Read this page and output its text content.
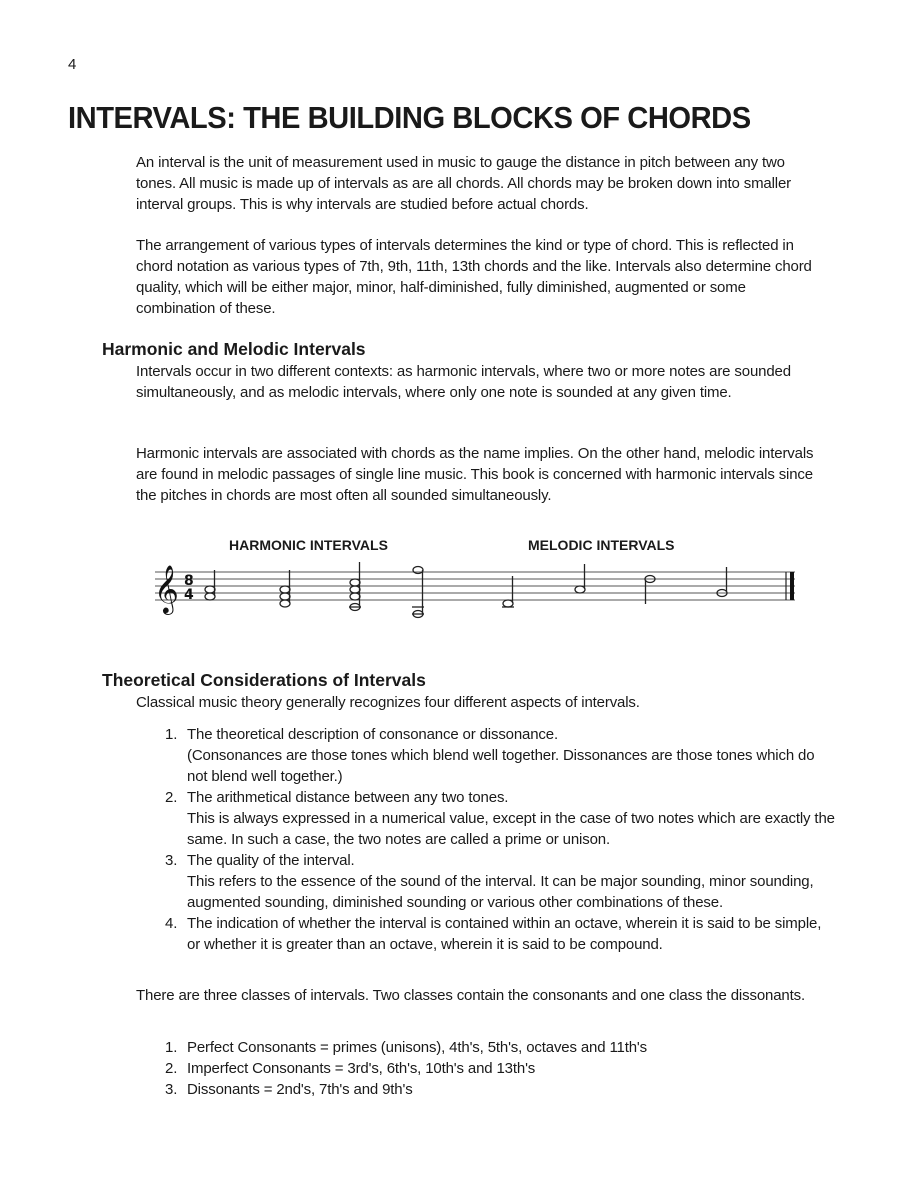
4
INTERVALS: THE BUILDING BLOCKS OF CHORDS

An interval is the unit of measurement used in music to gauge the distance in pitch between any two tones. All music is made up of intervals as are all chords. All chords may be broken down into smaller interval groups. This is why intervals are studied before actual chords.

The arrangement of various types of intervals determines the kind or type of chord. This is reflected in chord notation as various types of 7th, 9th, 11th, 13th chords and the like. Intervals also determine chord quality, which will be either major, minor, half-diminished, fully diminished, augmented or some combination of these.

Harmonic and Melodic Intervals

Intervals occur in two different contexts: as harmonic intervals, where two or more notes are sounded simultaneously, and as melodic intervals, where only one note is sounded at any given time.

Harmonic intervals are associated with chords as the name implies. On the other hand, melodic intervals are found in melodic passages of single line music. This book is concerned with harmonic intervals since the pitches in chords are most often all sounded simultaneously.

HARMONIC INTERVALS	MELODIC INTERVALS
𝄞 8
4
Theoretical Considerations of Intervals

Classical music theory generally recognizes four different aspects of intervals.

1. The theoretical description of consonance or dissonance.
(Consonances are those tones which blend well together. Dissonances are those tones which do not blend well together.)
2. The arithmetical distance between any two tones.
This is always expressed in a numerical value, except in the case of two notes which are exactly the same. In such a case, the two notes are called a prime or unison.
3. The quality of the interval.
This refers to the essence of the sound of the interval. It can be major sounding, minor sounding, augmented sounding, diminished sounding or various other combinations of these.
4. The indication of whether the interval is contained within an octave, wherein it is said to be simple, or whether it is greater than an octave, wherein it is said to be compound.

There are three classes of intervals. Two classes contain the consonants and one class the dissonants.

1. Perfect Consonants = primes (unisons), 4th's, 5th's, octaves and 11th's
2. Imperfect Consonants = 3rd's, 6th's, 10th's and 13th's
3. Dissonants = 2nd's, 7th's and 9th's
